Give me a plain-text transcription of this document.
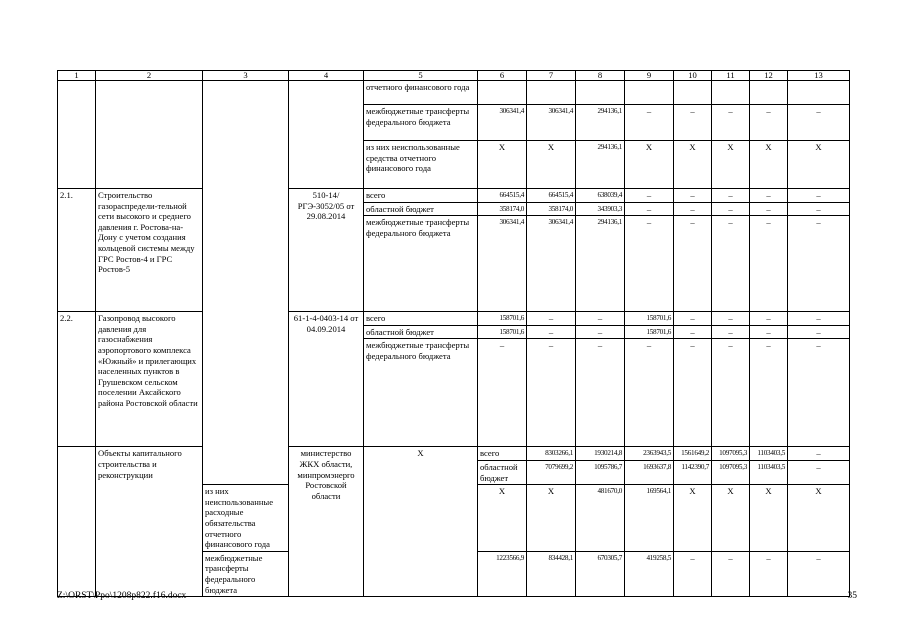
1	2	3	4	5	6	7	8	9	10	11	12	13	
				отчетного финансового года									
				межбюджетные трансферты федерального бюджета	306341,4	306341,4	294136,1	–	–	–	–	–	
				из них неиспользованные средства отчетного финансового года	Х	Х	294136,1	Х	Х	Х	Х	Х	
2.1.	Строительство газораспредели-тельной сети высокого и среднего давления г. Ростова-на-Дону с учетом создания кольцевой системы между ГРС Ростов-4 и ГРС Ростов-5		510-14/РГЭ-3052/05 от 29.08.2014	всего	664515,4	664515,4	638039,4	–	–	–	–	–	
				областной бюджет	358174,0	358174,0	343903,3	–	–	–	–	–	
				межбюджетные трансферты федерального бюджета	306341,4	306341,4	294136,1	–	–	–	–	–	
2.2.	Газопровод высокого давления для газоснабжения аэропортового комплекса «Южный» и прилегающих населенных пунктов в Грушевском сельском поселении Аксайского района Ростовской области		61-1-4-0403-14 от 04.09.2014	всего	158701,6	–	–	158701,6	–	–	–	–	
				областной бюджет	158701,6	–	–	158701,6	–	–	–	–	
				межбюджетные трансферты федерального бюджета	–	–	–	–	–	–	–	–	
	Объекты капитального строительства и реконструкции		министерство ЖКХ области, минпромэнерго Ростовской области	Х	всего	8303266,1	1930214,8	2363943,5	1561649,2	1097095,3	1103403,5	–	
					областной бюджет	7079699,2	1095786,7	1693637,8	1142390,7	1097095,3	1103403,5	–	
		из них неиспользованные расходные обязательства отчетного финансового года			Х	Х	481670,0	169564,1	Х	Х	Х	Х	
		межбюджетные трансферты федерального бюджета			1223566,9	834428,1	670305,7	419258,5	–	–	–	–	
Z:\ORST\Ppo\1208p822.f16.docx	35
